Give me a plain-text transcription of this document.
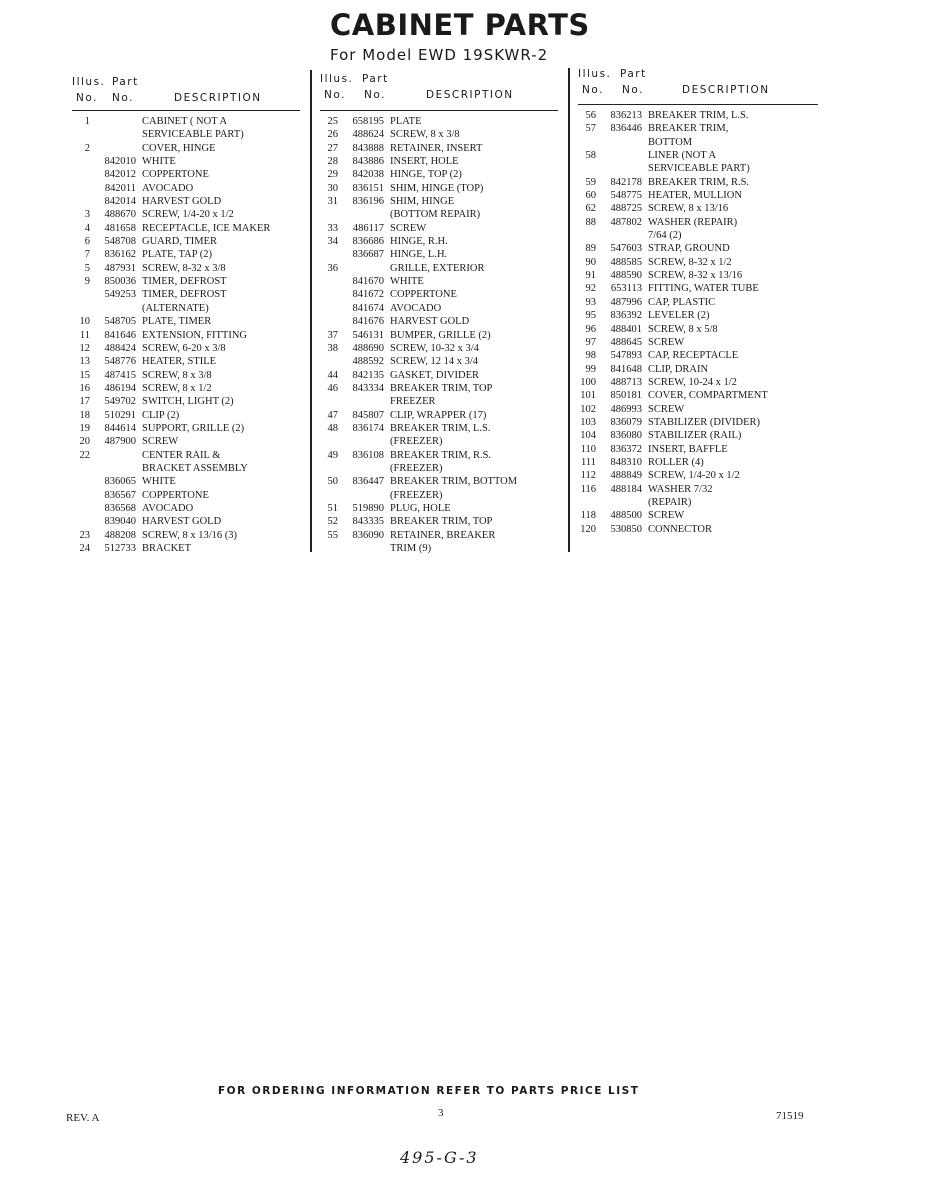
CABINET PARTS
For Model EWD 19SKWR-2
Illus. Part
No. No.	DESCRIPTION
1	CABINET ( NOT A
SERVICEABLE PART)
2	COVER, HINGE
842010 WHITE
842012 COPPERTONE
842011 AVOCADO
842014 HARVEST GOLD
3	488670 SCREW, 1/4-20 x 1/2
4	481658 RECEPTACLE, ICE MAKER
6	548708 GUARD, TIMER
7	836162 PLATE, TAP (2)
5	487931 SCREW, 8-32 x 3/8
9	850036 TIMER, DEFROST
549253 TIMER, DEFROST
(ALTERNATE)
10	548705 PLATE, TIMER
11	841646 EXTENSION, FITTING
12	488424 SCREW, 6-20 x 3/8
13	548776 HEATER, STILE
15	487415 SCREW, 8 x 3/8
16	486194 SCREW, 8 x 1/2
17	549702 SWITCH, LIGHT (2)
18	510291 CLIP (2)
19	844614 SUPPORT, GRILLE (2)
20	487900 SCREW
22	CENTER RAIL &
BRACKET ASSEMBLY
836065 WHITE
836567 COPPERTONE
836568 AVOCADO
839040 HARVEST GOLD
23	488208 SCREW, 8 x 13/16 (3)
24	512733 BRACKET
Illus. Part
No. No.	DESCRIPTION
25	658195 PLATE
26	488624 SCREW, 8 x 3/8
27	843888 RETAINER, INSERT
28	843886 INSERT, HOLE
29	842038 HINGE, TOP (2)
30	836151 SHIM, HINGE (TOP)
31	836196 SHIM, HINGE
(BOTTOM REPAIR)
33	486117 SCREW
34	836686 HINGE, R.H.
836687 HINGE, L.H.
36	GRILLE, EXTERIOR
841670 WHITE
841672 COPPERTONE
841674 AVOCADO
841676 HARVEST GOLD
37	546131 BUMPER, GRILLE (2)
38	488690 SCREW, 10-32 x 3/4
488592 SCREW, 12 14 x 3/4
44	842135 GASKET, DIVIDER
46	843334 BREAKER TRIM, TOP
FREEZER
47	845807 CLIP, WRAPPER (17)
48	836174 BREAKER TRIM, L.S.
(FREEZER)
49	836108 BREAKER TRIM, R.S.
(FREEZER)
50	836447 BREAKER TRIM, BOTTOM
(FREEZER)
51	519890 PLUG, HOLE
52	843335 BREAKER TRIM, TOP
55	836090 RETAINER, BREAKER
TRIM (9)
Illus. Part
No. No.	DESCRIPTION
56	836213 BREAKER TRIM, L.S.
57	836446 BREAKER TRIM,
BOTTOM
58	LINER (NOT A
SERVICEABLE PART)
59	842178 BREAKER TRIM, R.S.
60	548775 HEATER, MULLION
62	488725 SCREW, 8 x 13/16
88	487802 WASHER (REPAIR)
7/64 (2)
89	547603 STRAP, GROUND
90	488585 SCREW, 8-32 x 1/2
91	488590 SCREW, 8-32 x 13/16
92	653113 FITTING, WATER TUBE
93	487996 CAP, PLASTIC
95	836392 LEVELER (2)
96	488401 SCREW, 8 x 5/8
97	488645 SCREW
98	547893 CAP, RECEPTACLE
99	841648 CLIP, DRAIN
100	488713 SCREW, 10-24 x 1/2
101	850181 COVER, COMPARTMENT
102	486993 SCREW
103	836079 STABILIZER (DIVIDER)
104	836080 STABILIZER (RAIL)
110	836372 INSERT, BAFFLE
111	848310 ROLLER (4)
112	488849 SCREW, 1/4-20 x 1/2
116	488184 WASHER 7/32
(REPAIR)
118	488500 SCREW
120	530850 CONNECTOR
FOR ORDERING INFORMATION REFER TO PARTS PRICE LIST
REV. A	3	71519
495-G-3
